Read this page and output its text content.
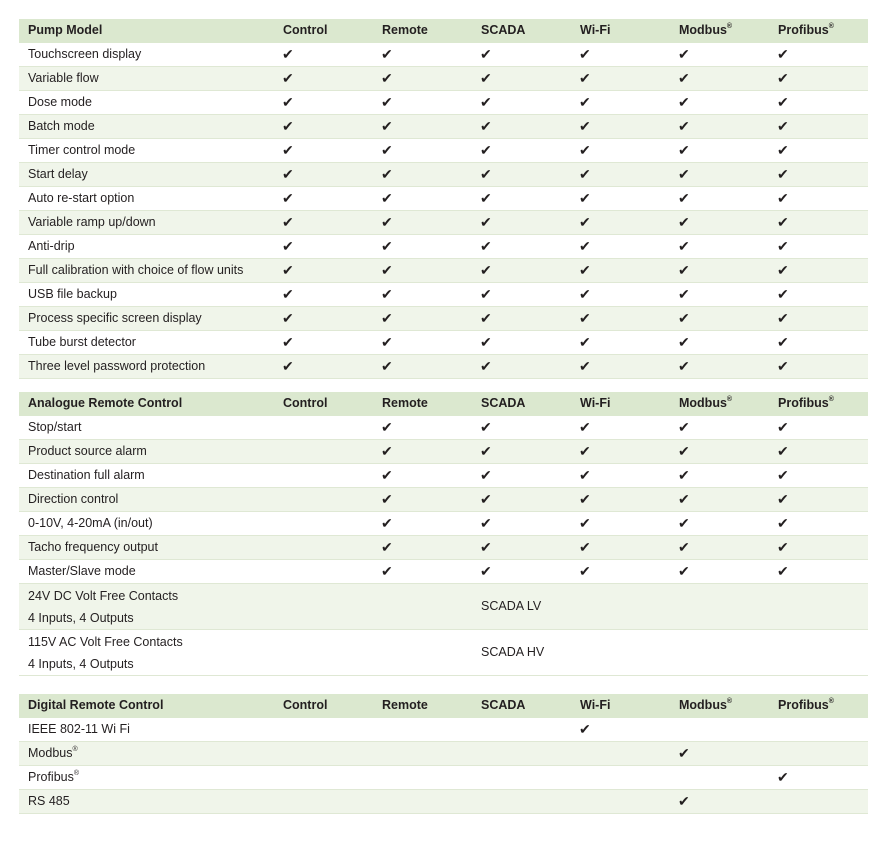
Pump Model	Control	Remote	SCADA	Wi-Fi	Modbus®	Profibus®
Touchscreen display	✔	✔	✔	✔	✔	✔
Variable flow	✔	✔	✔	✔	✔	✔
Dose mode	✔	✔	✔	✔	✔	✔
Batch mode	✔	✔	✔	✔	✔	✔
Timer control mode	✔	✔	✔	✔	✔	✔
Start delay	✔	✔	✔	✔	✔	✔
Auto re-start option	✔	✔	✔	✔	✔	✔
Variable ramp up/down	✔	✔	✔	✔	✔	✔
Anti-drip	✔	✔	✔	✔	✔	✔
Full calibration with choice of flow units	✔	✔	✔	✔	✔	✔
USB file backup	✔	✔	✔	✔	✔	✔
Process specific screen display	✔	✔	✔	✔	✔	✔
Tube burst detector	✔	✔	✔	✔	✔	✔
Three level password protection	✔	✔	✔	✔	✔	✔
Analogue Remote Control	Control	Remote	SCADA	Wi-Fi	Modbus®	Profibus®
Stop/start		✔	✔	✔	✔	✔
Product source alarm		✔	✔	✔	✔	✔
Destination full alarm		✔	✔	✔	✔	✔
Direction control		✔	✔	✔	✔	✔
0-10V, 4-20mA (in/out)		✔	✔	✔	✔	✔
Tacho frequency output		✔	✔	✔	✔	✔
Master/Slave mode		✔	✔	✔	✔	✔

24V DC Volt Free Contacts
4 Inputs, 4 Outputs			SCADA LV			

115V AC Volt Free Contacts
4 Inputs, 4 Outputs			SCADA HV			
Digital Remote Control	Control	Remote	SCADA	Wi-Fi	Modbus®	Profibus®
IEEE 802-11 Wi Fi				✔		
Modbus®					✔	
Profibus®						✔
RS 485					✔	
